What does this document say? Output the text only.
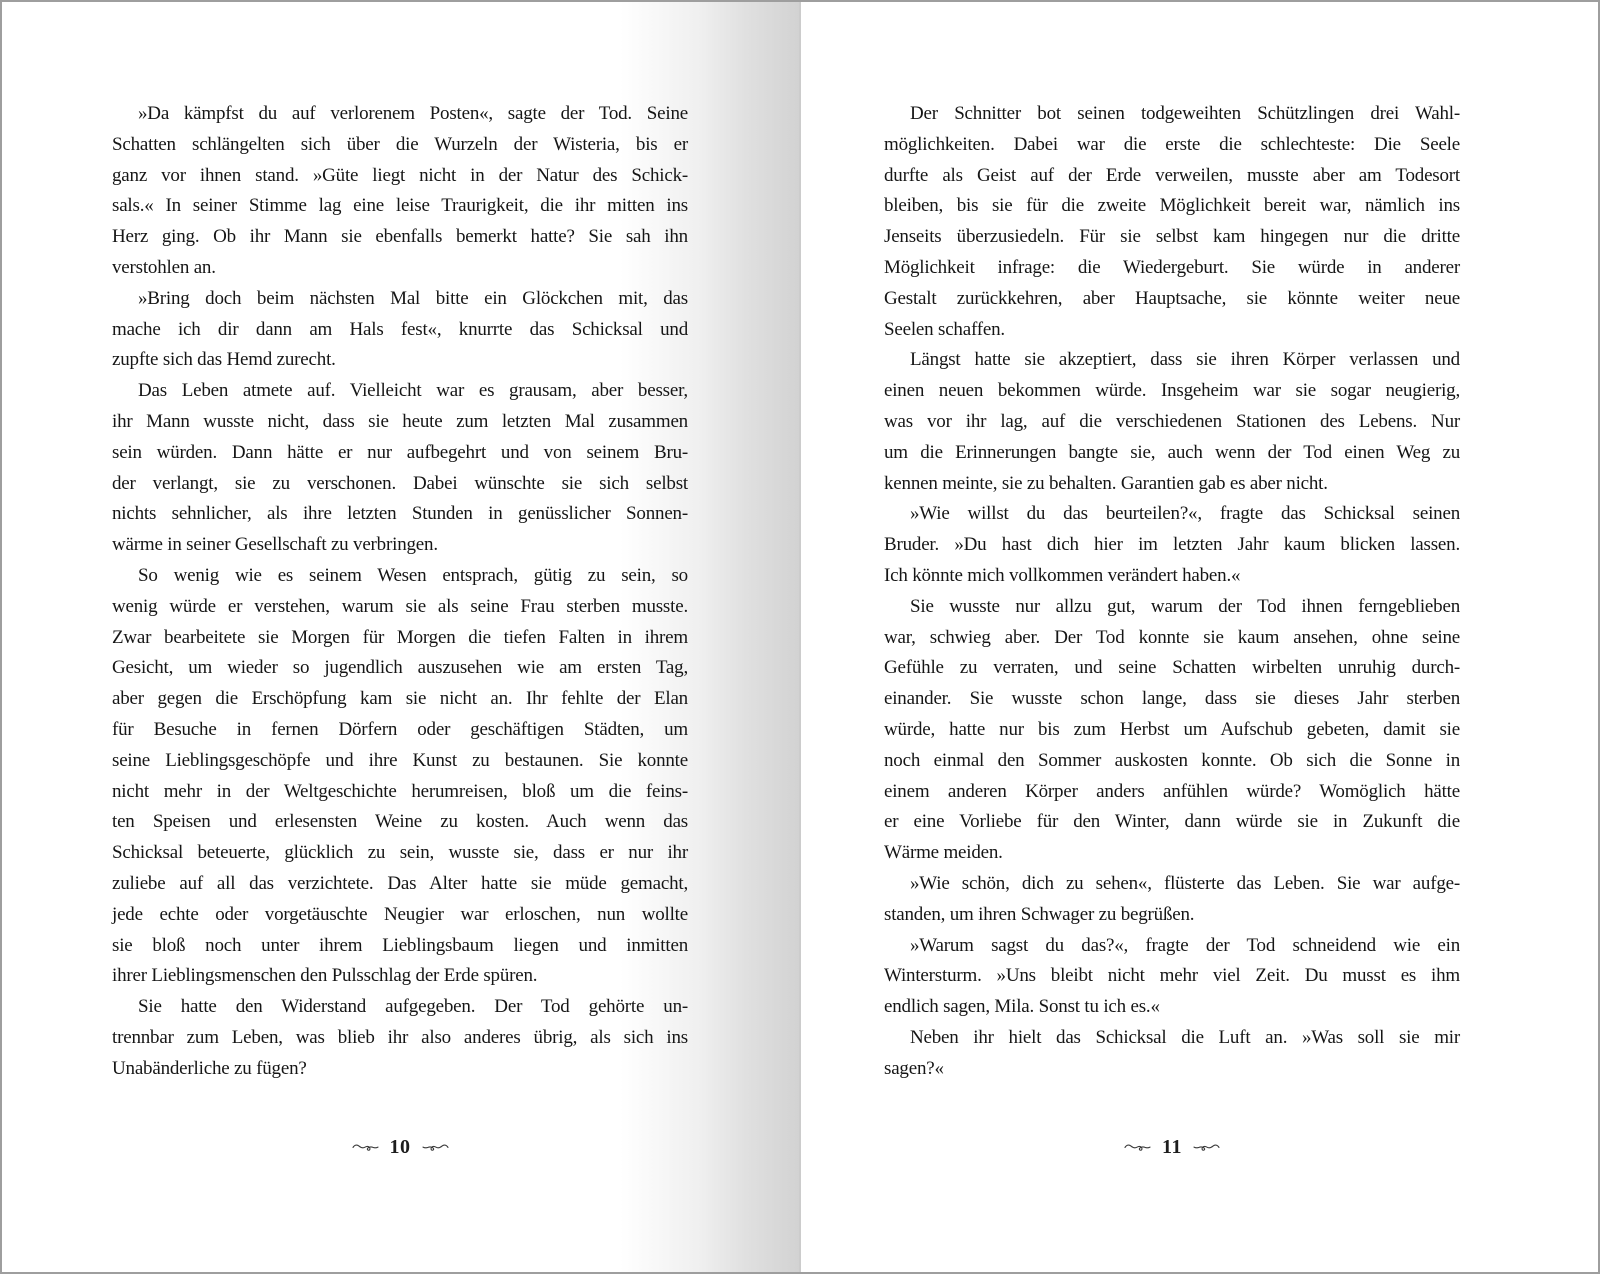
»Da kämpfst du auf verlorenem Posten«, sagte der Tod. Seine
Schatten schlängelten sich über die Wurzeln der Wisteria, bis er
ganz vor ihnen stand. »Güte liegt nicht in der Natur des Schick-
sals.« In seiner Stimme lag eine leise Traurigkeit, die ihr mitten ins
Herz ging. Ob ihr Mann sie ebenfalls bemerkt hatte? Sie sah ihn
verstohlen an.
»Bring doch beim nächsten Mal bitte ein Glöckchen mit, das
mache ich dir dann am Hals fest«, knurrte das Schicksal und
zupfte sich das Hemd zurecht.
Das Leben atmete auf. Vielleicht war es grausam, aber besser,
ihr Mann wusste nicht, dass sie heute zum letzten Mal zusammen
sein würden. Dann hätte er nur aufbegehrt und von seinem Bru-
der verlangt, sie zu verschonen. Dabei wünschte sie sich selbst
nichts sehnlicher, als ihre letzten Stunden in genüsslicher Sonnen-
wärme in seiner Gesellschaft zu verbringen.
So wenig wie es seinem Wesen entsprach, gütig zu sein, so
wenig würde er verstehen, warum sie als seine Frau sterben musste.
Zwar bearbeitete sie Morgen für Morgen die tiefen Falten in ihrem
Gesicht, um wieder so jugendlich auszusehen wie am ersten Tag,
aber gegen die Erschöpfung kam sie nicht an. Ihr fehlte der Elan
für Besuche in fernen Dörfern oder geschäftigen Städten, um
seine Lieblingsgeschöpfe und ihre Kunst zu bestaunen. Sie konnte
nicht mehr in der Weltgeschichte herumreisen, bloß um die feins-
ten Speisen und erlesensten Weine zu kosten. Auch wenn das
Schicksal beteuerte, glücklich zu sein, wusste sie, dass er nur ihr
zuliebe auf all das verzichtete. Das Alter hatte sie müde gemacht,
jede echte oder vorgetäuschte Neugier war erloschen, nun wollte
sie bloß noch unter ihrem Lieblingsbaum liegen und inmitten
ihrer Lieblingsmenschen den Pulsschlag der Erde spüren.
Sie hatte den Widerstand aufgegeben. Der Tod gehörte un-
trennbar zum Leben, was blieb ihr also anderes übrig, als sich ins
Unabänderliche zu fügen?
10
Der Schnitter bot seinen todgeweihten Schützlingen drei Wahl-
möglichkeiten. Dabei war die erste die schlechteste: Die Seele
durfte als Geist auf der Erde verweilen, musste aber am Todesort
bleiben, bis sie für die zweite Möglichkeit bereit war, nämlich ins
Jenseits überzusiedeln. Für sie selbst kam hingegen nur die dritte
Möglichkeit infrage: die Wiedergeburt. Sie würde in anderer
Gestalt zurückkehren, aber Hauptsache, sie könnte weiter neue
Seelen schaffen.
Längst hatte sie akzeptiert, dass sie ihren Körper verlassen und
einen neuen bekommen würde. Insgeheim war sie sogar neugierig,
was vor ihr lag, auf die verschiedenen Stationen des Lebens. Nur
um die Erinnerungen bangte sie, auch wenn der Tod einen Weg zu
kennen meinte, sie zu behalten. Garantien gab es aber nicht.
»Wie willst du das beurteilen?«, fragte das Schicksal seinen
Bruder. »Du hast dich hier im letzten Jahr kaum blicken lassen.
Ich könnte mich vollkommen verändert haben.«
Sie wusste nur allzu gut, warum der Tod ihnen ferngeblieben
war, schwieg aber. Der Tod konnte sie kaum ansehen, ohne seine
Gefühle zu verraten, und seine Schatten wirbelten unruhig durch-
einander. Sie wusste schon lange, dass sie dieses Jahr sterben
würde, hatte nur bis zum Herbst um Aufschub gebeten, damit sie
noch einmal den Sommer auskosten konnte. Ob sich die Sonne in
einem anderen Körper anders anfühlen würde? Womöglich hätte
er eine Vorliebe für den Winter, dann würde sie in Zukunft die
Wärme meiden.
»Wie schön, dich zu sehen«, flüsterte das Leben. Sie war aufge-
standen, um ihren Schwager zu begrüßen.
»Warum sagst du das?«, fragte der Tod schneidend wie ein
Wintersturm. »Uns bleibt nicht mehr viel Zeit. Du musst es ihm
endlich sagen, Mila. Sonst tu ich es.«
Neben ihr hielt das Schicksal die Luft an. »Was soll sie mir
sagen?«
11
